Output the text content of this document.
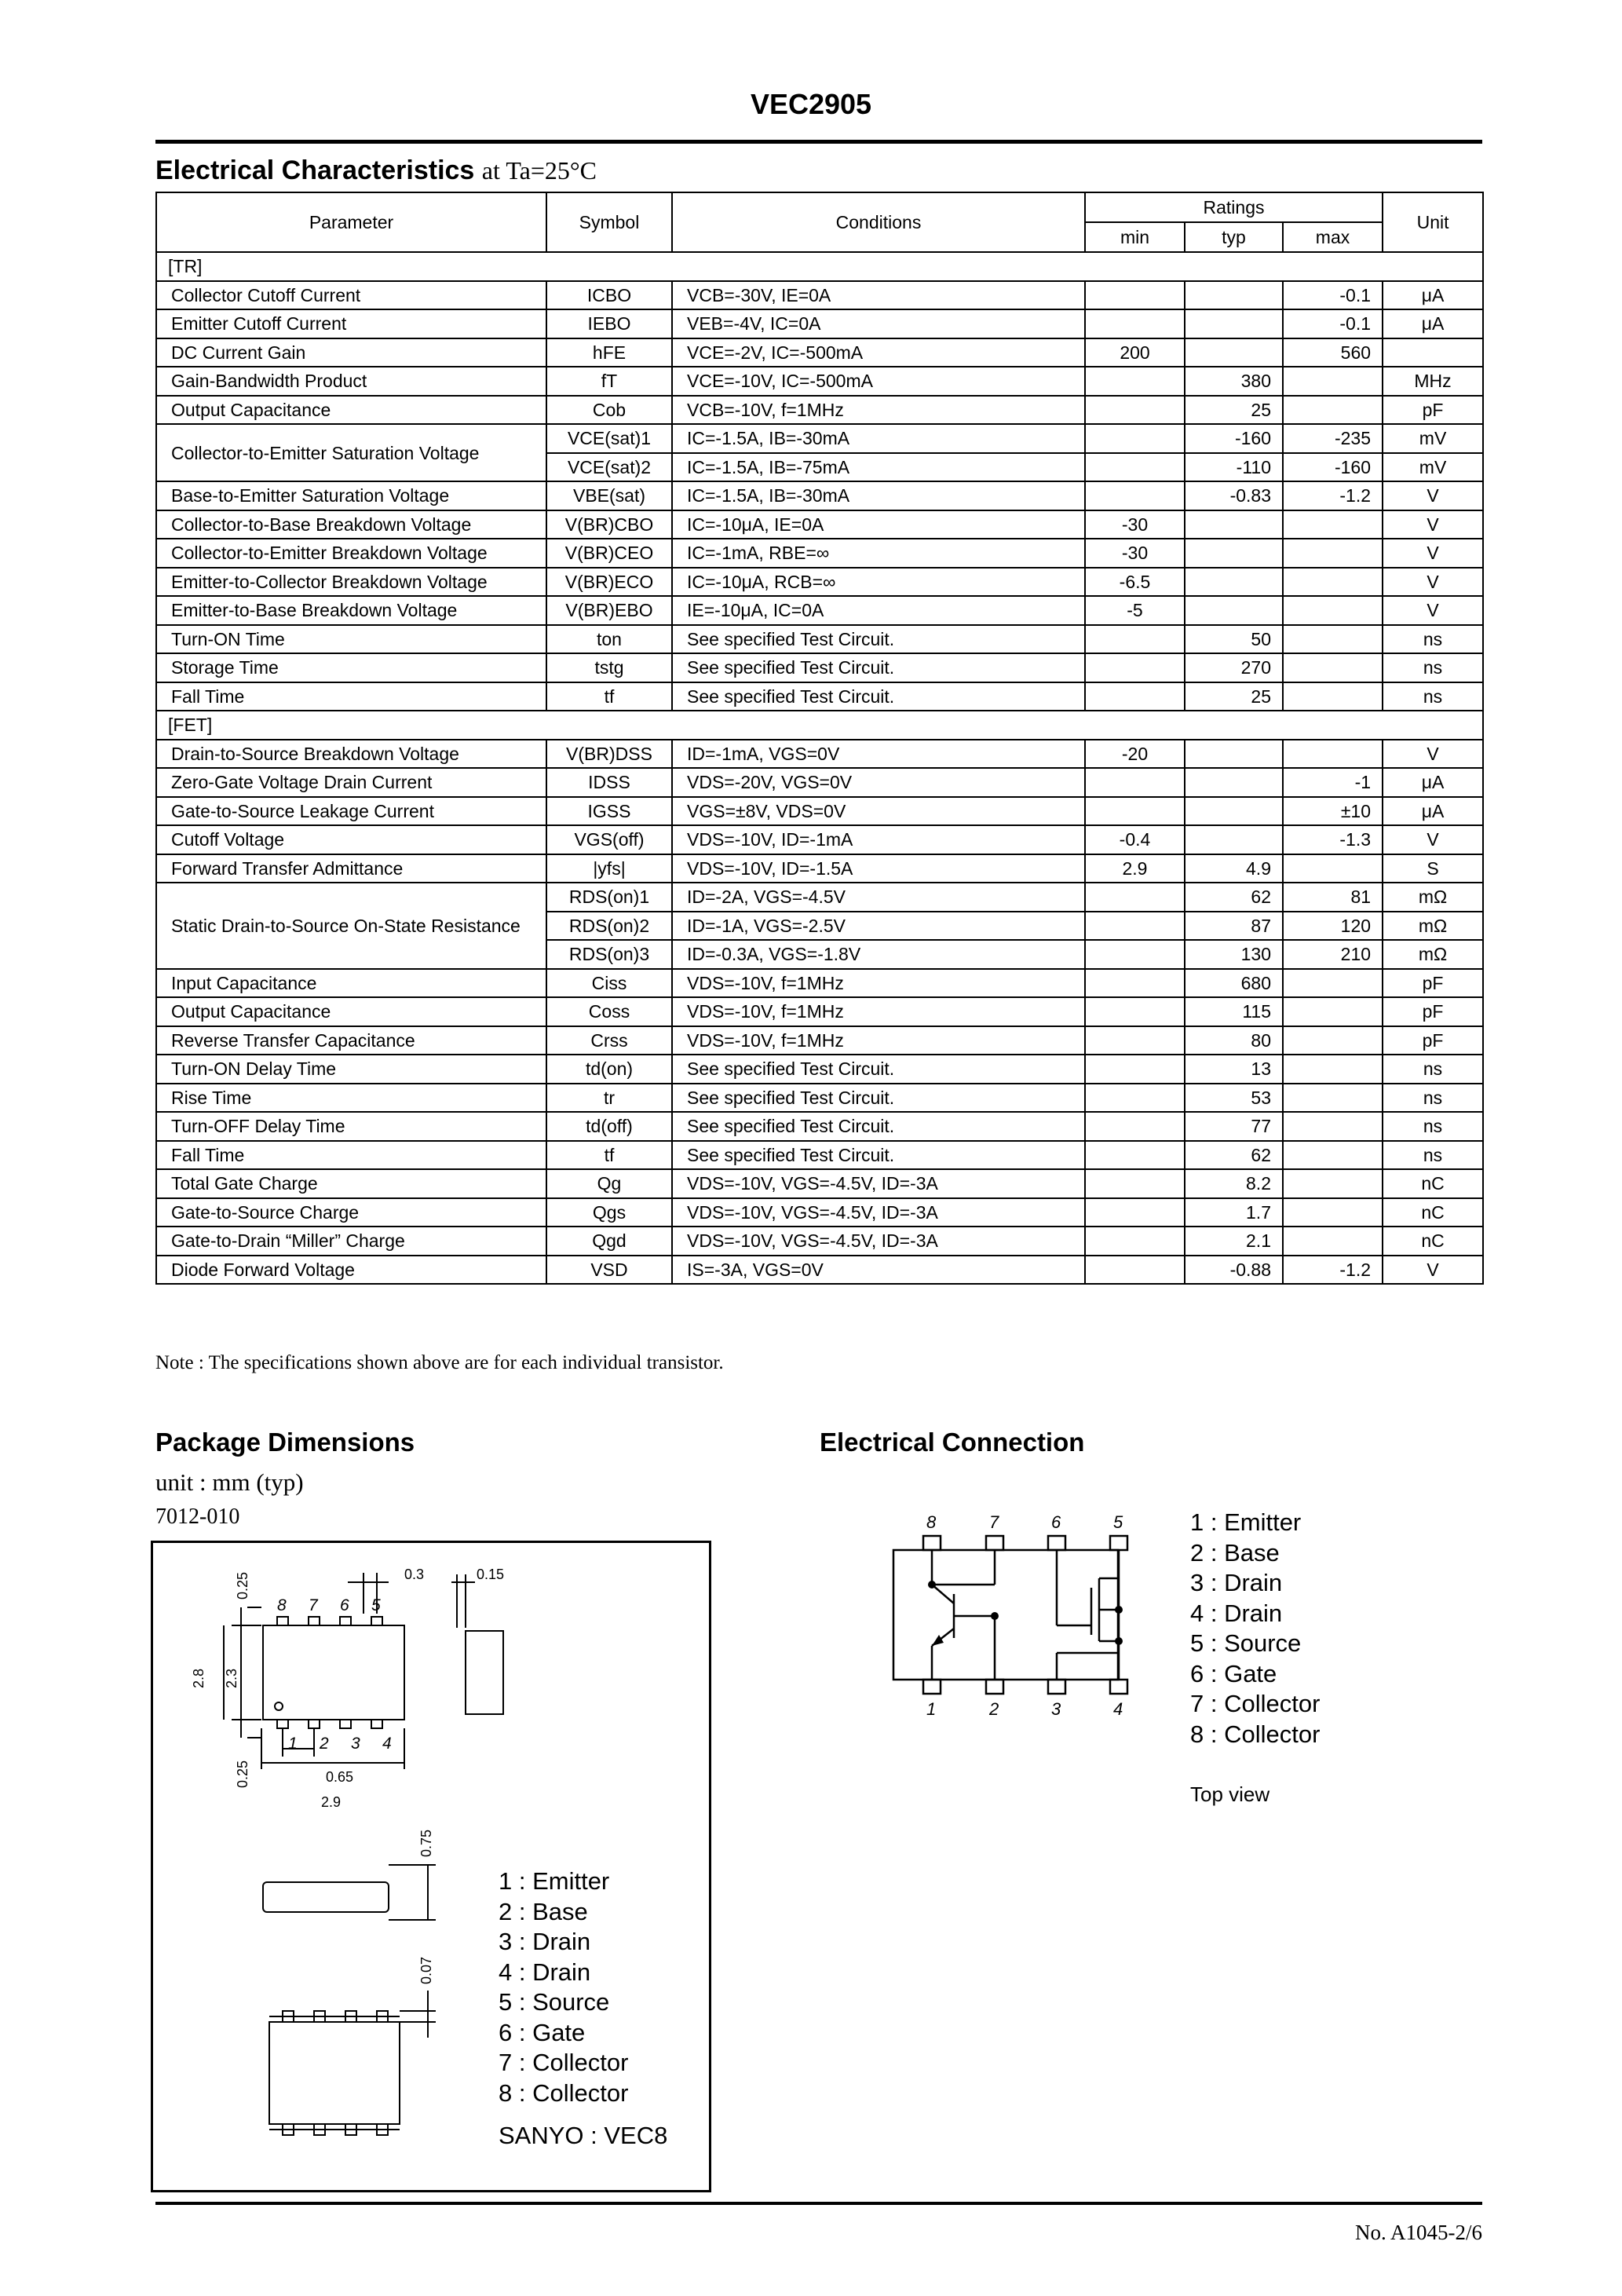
VEC2905
Electrical Characteristics at Ta=25°C
Parameter	Symbol	Conditions	Ratings			Unit
			min	typ	max	
[TR]						
Collector Cutoff Current	ICBO	VCB=-30V, IE=0A			-0.1	μA
Emitter Cutoff Current	IEBO	VEB=-4V, IC=0A			-0.1	μA
DC Current Gain	hFE	VCE=-2V, IC=-500mA	200		560	
Gain-Bandwidth Product	fT	VCE=-10V, IC=-500mA		380		MHz
Output Capacitance	Cob	VCB=-10V, f=1MHz		25		pF
Collector-to-Emitter Saturation Voltage	VCE(sat)1	IC=-1.5A, IB=-30mA		-160	-235	mV
	VCE(sat)2	IC=-1.5A, IB=-75mA		-110	-160	mV
Base-to-Emitter Saturation Voltage	VBE(sat)	IC=-1.5A, IB=-30mA		-0.83	-1.2	V
Collector-to-Base Breakdown Voltage	V(BR)CBO	IC=-10μA, IE=0A	-30			V
Collector-to-Emitter Breakdown Voltage	V(BR)CEO	IC=-1mA, RBE=∞	-30			V
Emitter-to-Collector Breakdown Voltage	V(BR)ECO	IC=-10μA, RCB=∞	-6.5			V
Emitter-to-Base Breakdown Voltage	V(BR)EBO	IE=-10μA, IC=0A	-5			V
Turn-ON Time	ton	See specified Test Circuit.		50		ns
Storage Time	tstg	See specified Test Circuit.		270		ns
Fall Time	tf	See specified Test Circuit.		25		ns
[FET]						
Drain-to-Source Breakdown Voltage	V(BR)DSS	ID=-1mA, VGS=0V	-20			V
Zero-Gate Voltage Drain Current	IDSS	VDS=-20V, VGS=0V			-1	μA
Gate-to-Source Leakage Current	IGSS	VGS=±8V, VDS=0V			±10	μA
Cutoff Voltage	VGS(off)	VDS=-10V, ID=-1mA	-0.4		-1.3	V
Forward Transfer Admittance	|yfs|	VDS=-10V, ID=-1.5A	2.9	4.9		S
Static Drain-to-Source On-State Resistance	RDS(on)1	ID=-2A, VGS=-4.5V		62	81	mΩ
	RDS(on)2	ID=-1A, VGS=-2.5V		87	120	mΩ
	RDS(on)3	ID=-0.3A, VGS=-1.8V		130	210	mΩ
Input Capacitance	Ciss	VDS=-10V, f=1MHz		680		pF
Output Capacitance	Coss	VDS=-10V, f=1MHz		115		pF
Reverse Transfer Capacitance	Crss	VDS=-10V, f=1MHz		80		pF
Turn-ON Delay Time	td(on)	See specified Test Circuit.		13		ns
Rise Time	tr	See specified Test Circuit.		53		ns
Turn-OFF Delay Time	td(off)	See specified Test Circuit.		77		ns
Fall Time	tf	See specified Test Circuit.		62		ns
Total Gate Charge	Qg	VDS=-10V, VGS=-4.5V, ID=-3A		8.2		nC
Gate-to-Source Charge	Qgs	VDS=-10V, VGS=-4.5V, ID=-3A		1.7		nC
Gate-to-Drain “Miller” Charge	Qgd	VDS=-10V, VGS=-4.5V, ID=-3A		2.1		nC
Diode Forward Voltage	VSD	IS=-3A, VGS=0V		-0.88	-1.2	V
Note : The specifications shown above are for each individual transistor.
Package Dimensions
unit : mm (typ)
7012-010
0.25	0.3	0.15
2.8 2.3
0.25	0.65
2.9
0.75
0.07
8 7 6 5
1 2 3 4
1 : Emitter
2 : Base
3 : Drain
4 : Drain
5 : Source
6 : Gate
7 : Collector
8 : Collector
SANYO : VEC8
Electrical Connection
8	7	6	5
1	2	3	4
1 : Emitter
2 : Base
3 : Drain
4 : Drain
5 : Source
6 : Gate
7 : Collector
8 : Collector
Top view
No. A1045-2/6
